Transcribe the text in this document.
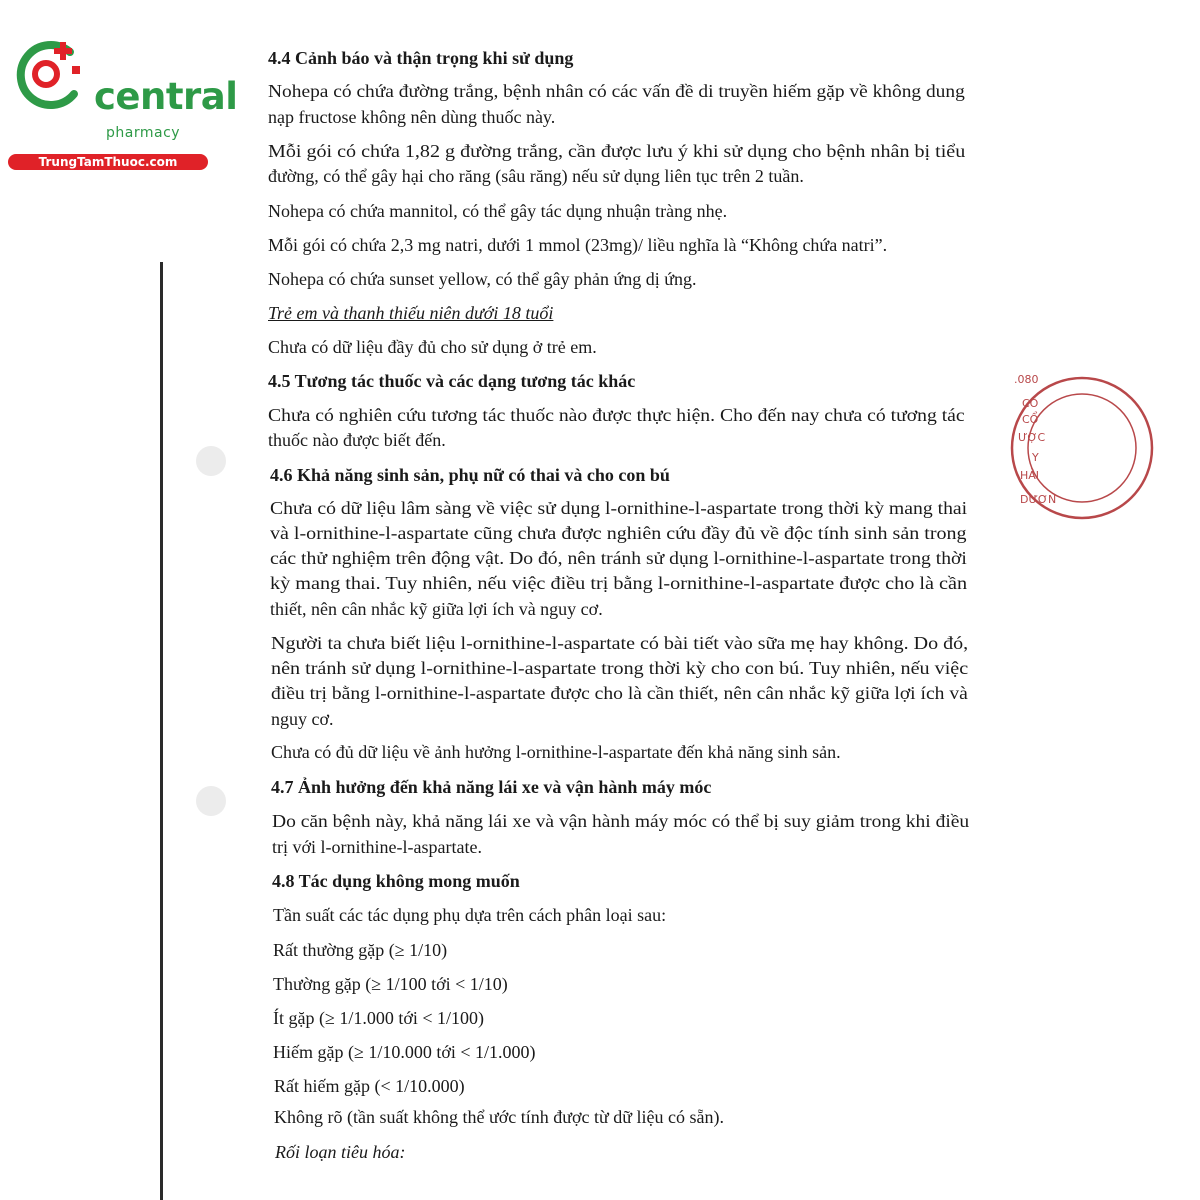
central
pharmacy
TrungTamThuoc.com
.080
CÔ
CỔ
ƯỢC
Y
HẢI
DƯƠN
4.4 Cảnh báo và thận trọng khi sử dụng
Nohepa có chứa đường trắng, bệnh nhân có các vấn đề di truyền hiếm gặp về không dung
nạp fructose không nên dùng thuốc này.
Mỗi gói có chứa 1,82 g đường trắng, cần được lưu ý khi sử dụng cho bệnh nhân bị tiểu
đường, có thể gây hại cho răng (sâu răng) nếu sử dụng liên tục trên 2 tuần.
Nohepa có chứa mannitol, có thể gây tác dụng nhuận tràng nhẹ.
Mỗi gói có chứa 2,3 mg natri, dưới 1 mmol (23mg)/ liều nghĩa là “Không chứa natri”.
Nohepa có chứa sunset yellow, có thể gây phản ứng dị ứng.
Trẻ em và thanh thiếu niên dưới 18 tuổi
Chưa có dữ liệu đầy đủ cho sử dụng ở trẻ em.
4.5 Tương tác thuốc và các dạng tương tác khác
Chưa có nghiên cứu tương tác thuốc nào được thực hiện. Cho đến nay chưa có tương tác
thuốc nào được biết đến.
4.6 Khả năng sinh sản, phụ nữ có thai và cho con bú
Chưa có dữ liệu lâm sàng về việc sử dụng l-ornithine-l-aspartate trong thời kỳ mang thai
và l-ornithine-l-aspartate cũng chưa được nghiên cứu đầy đủ về độc tính sinh sản trong
các thử nghiệm trên động vật. Do đó, nên tránh sử dụng l-ornithine-l-aspartate trong thời
kỳ mang thai. Tuy nhiên, nếu việc điều trị bằng l-ornithine-l-aspartate được cho là cần
thiết, nên cân nhắc kỹ giữa lợi ích và nguy cơ.
Người ta chưa biết liệu l-ornithine-l-aspartate có bài tiết vào sữa mẹ hay không. Do đó,
nên tránh sử dụng l-ornithine-l-aspartate trong thời kỳ cho con bú. Tuy nhiên, nếu việc
điều trị bằng l-ornithine-l-aspartate được cho là cần thiết, nên cân nhắc kỹ giữa lợi ích và
nguy cơ.
Chưa có đủ dữ liệu về ảnh hưởng l-ornithine-l-aspartate đến khả năng sinh sản.
4.7 Ảnh hưởng đến khả năng lái xe và vận hành máy móc
Do căn bệnh này, khả năng lái xe và vận hành máy móc có thể bị suy giảm trong khi điều
trị với l-ornithine-l-aspartate.
4.8 Tác dụng không mong muốn
Tần suất các tác dụng phụ dựa trên cách phân loại sau:
Rất thường gặp (≥ 1/10)
Thường gặp (≥ 1/100 tới < 1/10)
Ít gặp (≥ 1/1.000 tới < 1/100)
Hiếm gặp (≥ 1/10.000 tới < 1/1.000)
Rất hiếm gặp (< 1/10.000)
Không rõ (tần suất không thể ước tính được từ dữ liệu có sẵn).
Rối loạn tiêu hóa:
